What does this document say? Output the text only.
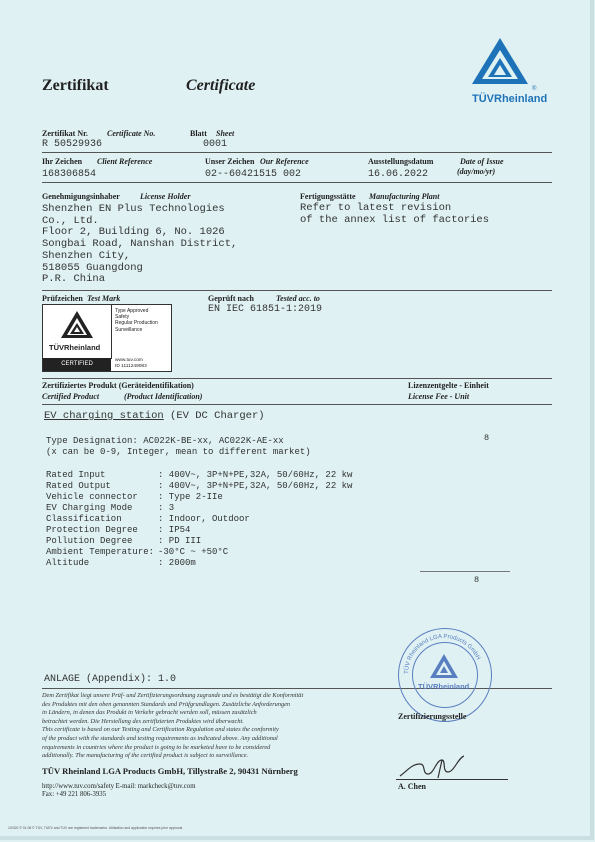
Zertifikat	Certificate
TÜVRheinland
®
Zertifikat Nr. Certificate No.
R 50529936
Blatt Sheet
0001
Ihr Zeichen Client Reference
168306854
Unser Zeichen Our Reference
02--60421515 002
Ausstellungsdatum	Date of Issue
(day/mo/yr)
16.06.2022
Genehmigungsinhaber	License Holder
Shenzhen EN Plus Technologies
Co., Ltd.
Floor 2, Building 6, No. 1026
Songbai Road, Nanshan District,
Shenzhen City,
518055 Guangdong
P.R. China
Fertigungsstätte Manufacturing Plant
Refer to latest revision
of the annex list of factories
Prüfzeichen Test Mark
TÜVRheinland
Type Approved
Safety
Regular Production
Surveillance
CERTIFIED
www.tuv.com
ID 1111249083
Geprüft nach	Tested acc. to
EN IEC 61851-1:2019
Zertifiziertes Produkt (Geräteidentifikation)
Certified Product	(Product Identification)
Lizenzentgelte - Einheit
License Fee - Unit
EV charging station (EV DC Charger)
Type Designation: AC022K-BE-xx, AC022K-AE-xx
(x can be 0-9, Integer, mean to different market)
8
Rated Input	: 400V~, 3P+N+PE,32A, 50/60Hz, 22 kw
Rated Output	: 400V~, 3P+N+PE,32A, 50/60Hz, 22 kw
Vehicle connector : Type 2-IIe
EV Charging Mode	: 3
Classification	: Indoor, Outdoor
Protection Degree : IP54
Pollution Degree	: PD III
Ambient Temperature:-30°C ~ +50°C
Altitude	: 2000m
8
ANLAGE (Appendix): 1.0
Dem Zertifikat liegt unsere Prüf- und Zertifizierungsordnung zugrunde und es bestätigt die Konformität
des Produktes mit den oben genannten Standards und Prüfgrundlagen. Zusätzliche Anforderungen
in Ländern, in denen das Produkt in Verkehr gebracht werden soll, müssen zusätzlich
betrachtet werden. Die Herstellung des zertifizierten Produktes wird überwacht.
This certificate is based on our Testing and Certification Regulation and states the conformity
of the product with the standards and testing requirements as indicated above. Any additional
requirements in countries where the product is going to be marketed have to be considered
additionally. The manufacturing of the certified product is subject to surveillance.
TÜV Rheinland LGA Products GmbH
TÜVRheinland
Zertifizierungsstelle
TÜV Rheinland LGA Products GmbH, Tillystraße 2, 90431 Nürnberg
http://www.tuv.com/safety E-mail: markcheck@tuv.com
Fax: +49 221 806-3935
A. Chen
10/320 © 01.08 © TÜV, TUEV and TUV are registered trademarks. Utilisation and application requires prior approval.
